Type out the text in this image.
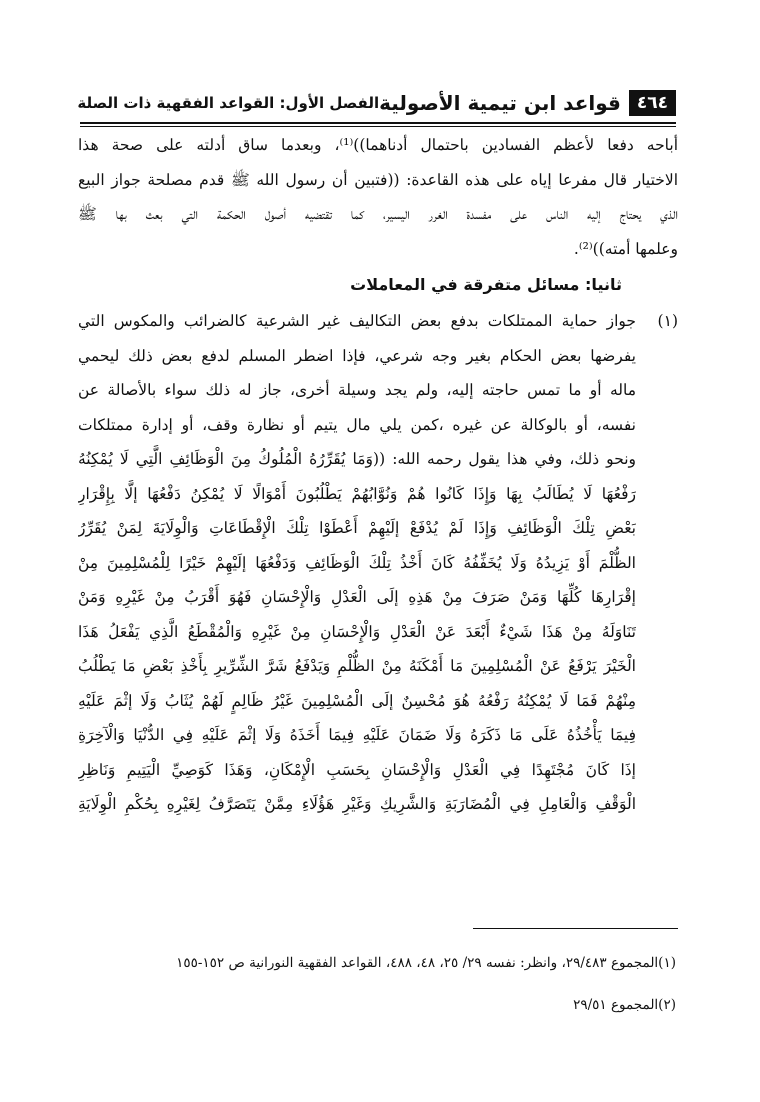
٤٦٤
قواعد ابن تيمية الأصولية
الفصل الأول: القواعد الفقهية ذات الصلة
أباحه دفعا لأعظم الفسادين باحتمال أدناهما))⁽¹⁾، وبعدما ساق أدلته على صحة هذا
الاختيار قال مفرعا إياه على هذه القاعدة: ((فتبين أن رسول الله ﷺ قدم مصلحة جواز البيع
الذي يحتاج إليه الناس على مفسدة الغرر اليسير، كما تقتضيه أصول الحكمة التي بعث بها ﷺ
وعلمها أمته))⁽²⁾.
ثانيا: مسائل متفرقة في المعاملات
(١)
جواز حماية الممتلكات بدفع بعض التكاليف غير الشرعية كالضرائب والمكوس التي
يفرضها بعض الحكام بغير وجه شرعي، فإذا اضطر المسلم لدفع بعض ذلك ليحمي
ماله أو ما تمس حاجته إليه، ولم يجد وسيلة أخرى، جاز له ذلك سواء بالأصالة عن
نفسه، أو بالوكالة عن غيره ،كمن يلي مال يتيم أو نظارة وقف، أو إدارة ممتلكات
ونحو ذلك، وفي هذا يقول رحمه الله: ((وَمَا يُقَرِّرُهُ الْمُلُوكُ مِنَ الْوَظَائِفِ الَّتِي لَا يُمْكِنُهُ
رَفْعُهَا لَا يُطَالَبُ بِهَا وَإِذَا كَانُوا هُمْ وَنُوَّابُهُمْ يَطْلُبُونَ أَمْوَالًا لَا يُمْكِنُ دَفْعُهَا إلَّا بِإِقْرَارِ
بَعْضِ تِلْكَ الْوَظَائِفِ وَإِذَا لَمْ يُدْفَعْ إلَيْهِمْ أَعْطَوْا تِلْكَ الْإِقْطَاعَاتِ وَالْوِلَايَةَ لِمَنْ يُقَرِّرُ
الظُّلْمَ أَوْ يَزِيدُهُ وَلَا يُخَفِّفُهُ كَانَ أَخْذُ تِلْكَ الْوَظَائِفِ وَدَفْعُهَا إلَيْهِمْ خَيْرًا لِلْمُسْلِمِينَ مِنْ
إقْرَارِهَا كُلِّهَا وَمَنْ صَرَفَ مِنْ هَذِهِ إلَى الْعَدْلِ وَالْإِحْسَانِ فَهُوَ أَقْرَبُ مِنْ غَيْرِهِ وَمَنْ
تَنَاوَلَهُ مِنْ هَذَا شَيْءٌ أَبْعَدَ عَنْ الْعَدْلِ وَالْإِحْسَانِ مِنْ غَيْرِهِ وَالْمُقْطَعُ الَّذِي يَفْعَلُ هَذَا
الْخَيْرَ يَرْفَعُ عَنْ الْمُسْلِمِينَ مَا أَمْكَنَهُ مِنْ الظُّلْمِ وَيَدْفَعُ شَرَّ الشِّرِّيرِ بِأَخْذِ بَعْضِ مَا يَطْلُبُ
مِنْهُمْ فَمَا لَا يُمْكِنُهُ رَفْعُهُ هُوَ مُحْسِنٌ إلَى الْمُسْلِمِينَ غَيْرُ ظَالِمٍ لَهُمْ يُثَابُ وَلَا إثْمَ عَلَيْهِ
فِيمَا يَأْخُذُهُ عَلَى مَا ذَكَرَهُ وَلَا ضَمَانَ عَلَيْهِ فِيمَا أَخَذَهُ وَلَا إثْمَ عَلَيْهِ فِي الدُّنْيَا وَالْآخِرَةِ
إذَا كَانَ مُجْتَهِدًا فِي الْعَدْلِ وَالْإِحْسَانِ بِحَسَبِ الْإِمْكَانِ، وَهَذَا كَوَصِيِّ الْيَتِيمِ وَنَاظِرِ
الْوَقْفِ وَالْعَامِلِ فِي الْمُضَارَبَةِ وَالشَّرِيكِ وَغَيْرِ هَؤُلَاءِ مِمَّنْ يَتَصَرَّفُ لِغَيْرِهِ بِحُكْمِ الْوِلَايَةِ
(١)المجموع ٢٩/٤٨٣، وانظر: نفسه ٢٩/ ٢٥، ٤٨، ٤٨٨، القواعد الفقهية النورانية ص ١٥٢-١٥٥
(٢)المجموع ٢٩/٥١
